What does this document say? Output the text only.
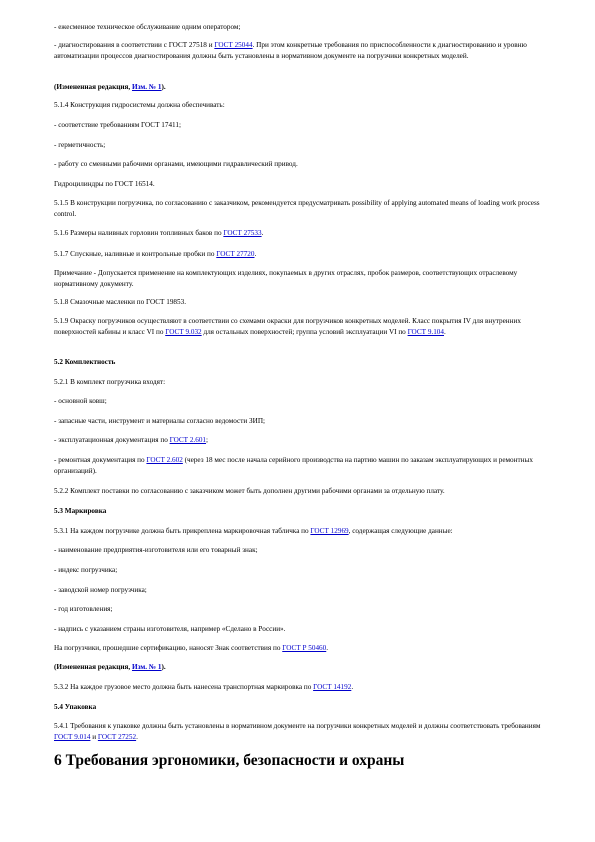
- ежесменное техническое обслуживание одним оператором;

- диагностирования в соответствии с ГОСТ 27518 и ГОСТ 25044. При этом конкретные требования по приспособленности к диагностированию и уровню автоматизации процессов диагностирования должны быть установлены в нормативном документе на погрузчики конкретных моделей.

(Измененная редакция, Изм. № 1).

5.1.4 Конструкция гидросистемы должна обеспечивать:

- соответствие требованиям ГОСТ 17411;

- герметичность;

- работу со сменными рабочими органами, имеющими гидравлический привод.

Гидроцилиндры по ГОСТ 16514.

5.1.5 В конструкции погрузчика, по согласованию с заказчиком, рекомендуется предусматривать possibility of applying automated means of loading work process control.

5.1.6 Размеры наливных горловин топливных баков по ГОСТ 27533.

5.1.7 Спускные, наливные и контрольные пробки по ГОСТ 27720.

Примечание - Допускается применение на комплектующих изделиях, покупаемых в других отраслях, пробок размеров, соответствующих отраслевому нормативному документу.

5.1.8 Смазочные масленки по ГОСТ 19853.

5.1.9 Окраску погрузчиков осуществляют в соответствии со схемами окраски для погрузчиков конкретных моделей. Класс покрытия IV для внутренних поверхностей кабины и класс VI по ГОСТ 9.032 для остальных поверхностей; группа условий эксплуатации VI по ГОСТ 9.104.

5.2 Комплектность

5.2.1 В комплект погрузчика входят:

- основной ковш;

- запасные части, инструмент и материалы согласно ведомости ЗИП;

- эксплуатационная документация по ГОСТ 2.601;

- ремонтная документация по ГОСТ 2.602 (через 18 мес после начала серийного производства на партию машин по заказам эксплуатирующих и ремонтных организаций).

5.2.2 Комплект поставки по согласованию с заказчиком может быть дополнен другими рабочими органами за отдельную плату.

5.3 Маркировка

5.3.1 На каждом погрузчике должна быть прикреплена маркировочная табличка по ГОСТ 12969, содержащая следующие данные:

- наименование предприятия-изготовителя или его товарный знак;

- индекс погрузчика;

- заводской номер погрузчика;

- год изготовления;

- надпись с указанием страны изготовителя, например «Сделано в России».

На погрузчики, прошедшие сертификацию, наносят Знак соответствия по ГОСТ Р 50460.

(Измененная редакция, Изм. № 1).

5.3.2 На каждое грузовое место должна быть нанесена транспортная маркировка по ГОСТ 14192.

5.4 Упаковка

5.4.1 Требования к упаковке должны быть установлены в нормативном документе на погрузчики конкретных моделей и должны соответствовать требованиям ГОСТ 9.014 и ГОСТ 27252.

6 Требования эргономики, безопасности и охраны
